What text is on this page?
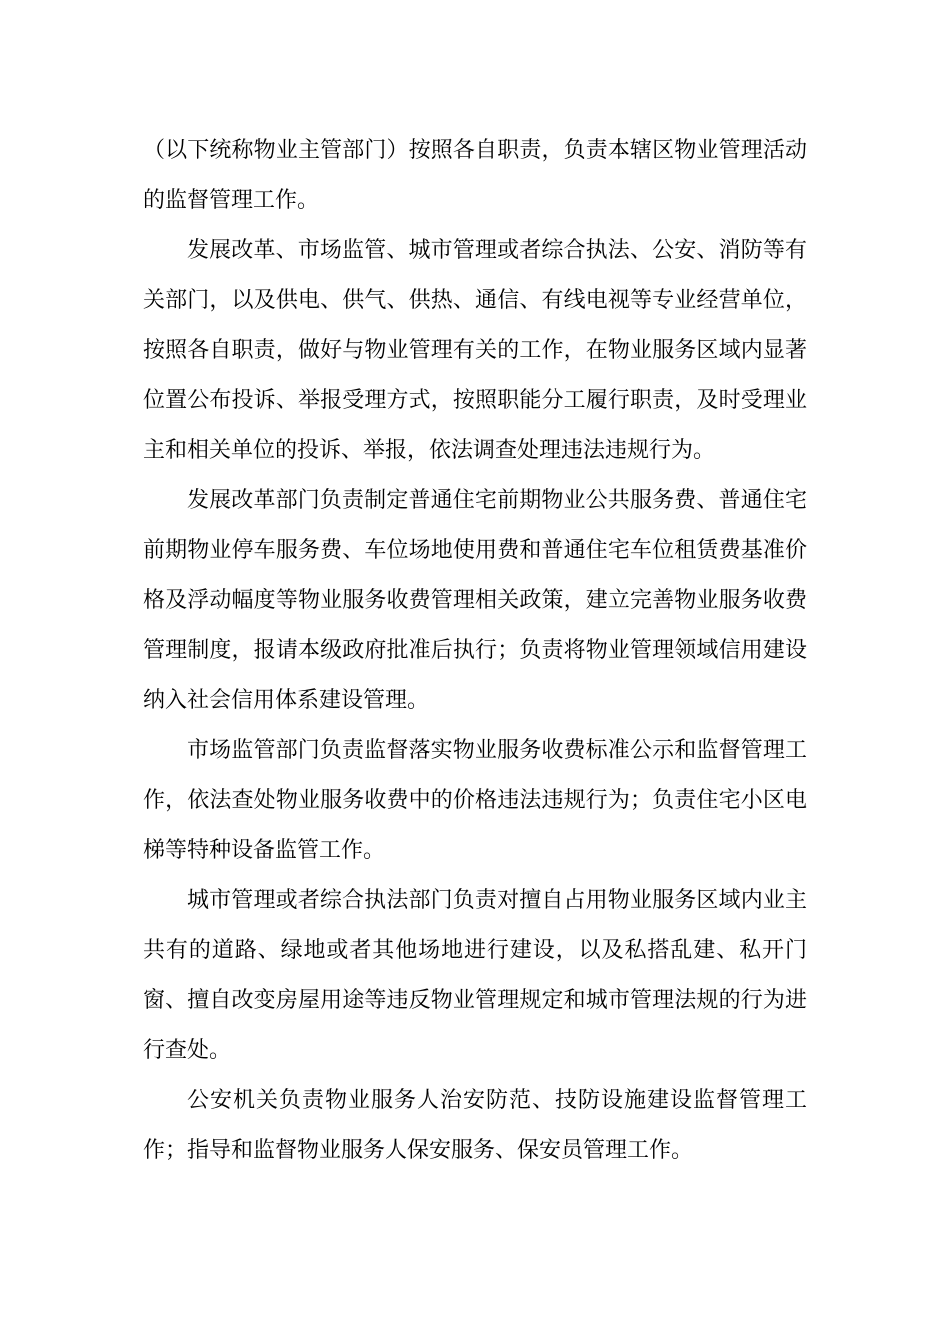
（以下统称物业主管部门）按照各自职责，负责本辖区物业管理活动的监督管理工作。

发展改革、市场监管、城市管理或者综合执法、公安、消防等有关部门，以及供电、供气、供热、通信、有线电视等专业经营单位，按照各自职责，做好与物业管理有关的工作，在物业服务区域内显著位置公布投诉、举报受理方式，按照职能分工履行职责，及时受理业主和相关单位的投诉、举报，依法调查处理违法违规行为。

发展改革部门负责制定普通住宅前期物业公共服务费、普通住宅前期物业停车服务费、车位场地使用费和普通住宅车位租赁费基准价格及浮动幅度等物业服务收费管理相关政策，建立完善物业服务收费管理制度，报请本级政府批准后执行；负责将物业管理领域信用建设纳入社会信用体系建设管理。

市场监管部门负责监督落实物业服务收费标准公示和监督管理工作，依法查处物业服务收费中的价格违法违规行为；负责住宅小区电梯等特种设备监管工作。

城市管理或者综合执法部门负责对擅自占用物业服务区域内业主共有的道路、绿地或者其他场地进行建设，以及私搭乱建、私开门窗、擅自改变房屋用途等违反物业管理规定和城市管理法规的行为进行查处。

公安机关负责物业服务人治安防范、技防设施建设监督管理工作；指导和监督物业服务人保安服务、保安员管理工作。
